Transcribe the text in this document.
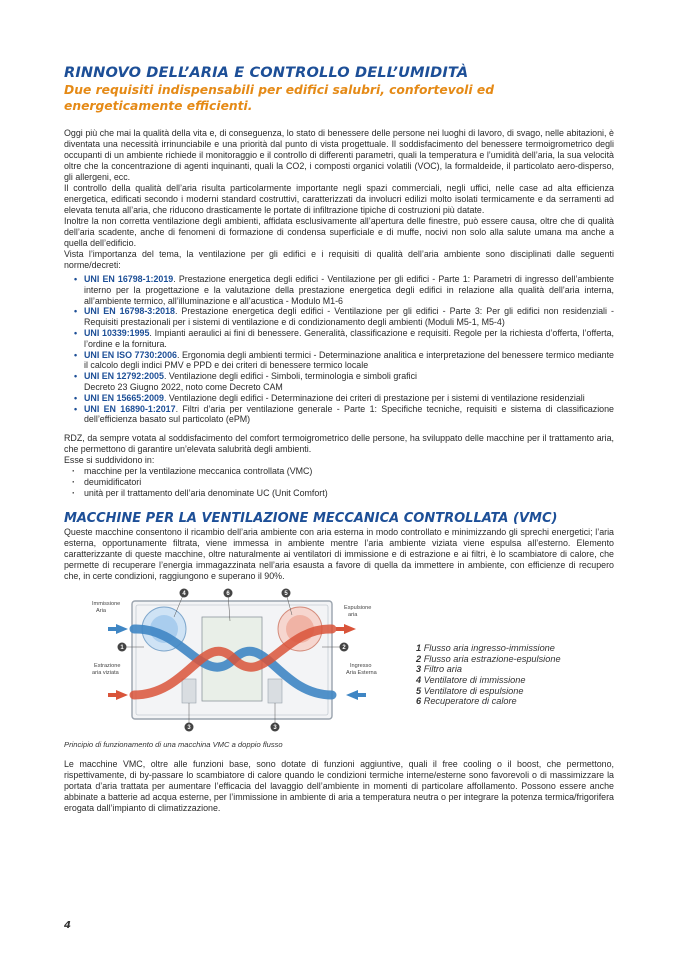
RINNOVO DELL’ARIA E CONTROLLO DELL’UMIDITÀ
Due requisiti indispensabili per edifici salubri, confortevoli ed energeticamente efficienti.

Oggi più che mai la qualità della vita e, di conseguenza, lo stato di benessere delle persone nei luoghi di lavoro, di svago, nelle abitazioni, è diventata una necessità irrinunciabile e una priorità dal punto di vista progettuale. Il soddisfacimento del benessere termoigrometrico degli occupanti di un ambiente richiede il monitoraggio e il controllo di differenti parametri, quali la temperatura e l’umidità dell’aria, la sua velocità oltre che la concentrazione di agenti inquinanti, quali la CO2, i composti organici volatili (VOC), la formaldeide, il particolato aero-disperso, gli allergeni, ecc.

Il controllo della qualità dell’aria risulta particolarmente importante negli spazi commerciali, negli uffici, nelle case ad alta efficienza energetica, edificati secondo i moderni standard costruttivi, caratterizzati da involucri edilizi molto isolati termicamente e da serramenti ad elevata tenuta all’aria, che riducono drasticamente le portate di infiltrazione tipiche di costruzioni più datate.

Inoltre la non corretta ventilazione degli ambienti, affidata esclusivamente all’apertura delle finestre, può essere causa, oltre che di qualità dell’aria scadente, anche di fenomeni di formazione di condensa superficiale e di muffe, nocivi non solo alla salute umana ma anche a quella dell’edificio.

Vista l’importanza del tema, la ventilazione per gli edifici e i requisiti di qualità dell’aria ambiente sono disciplinati dalle seguenti norme/decreti:

• UNI EN 16798-1:2019. Prestazione energetica degli edifici - Ventilazione per gli edifici - Parte 1: Parametri di ingresso dell’ambiente interno per la progettazione e la valutazione della prestazione energetica degli edifici in relazione alla qualità dell’aria interna, all’ambiente termico, all’illuminazione e all’acustica - Modulo M1-6
• UNI EN 16798-3:2018. Prestazione energetica degli edifici - Ventilazione per gli edifici - Parte 3: Per gli edifici non residenziali - Requisiti prestazionali per i sistemi di ventilazione e di condizionamento degli ambienti (Moduli M5-1, M5-4)
• UNI 10339:1995. Impianti aeraulici ai fini di benessere. Generalità, classificazione e requisiti. Regole per la richiesta d’offerta, l’offerta, l’ordine e la fornitura.
• UNI EN ISO 7730:2006. Ergonomia degli ambienti termici - Determinazione analitica e interpretazione del benessere termico mediante il calcolo degli indici PMV e PPD e dei criteri di benessere termico locale
• UNI EN 12792:2005. Ventilazione degli edifici - Simboli, terminologia e simboli grafici
Decreto 23 Giugno 2022, noto come Decreto CAM
• UNI EN 15665:2009. Ventilazione degli edifici - Determinazione dei criteri di prestazione per i sistemi di ventilazione residenziali
• UNI EN 16890-1:2017. Filtri d’aria per ventilazione generale - Parte 1: Specifiche tecniche, requisiti e sistema di classificazione dell’efficienza basato sul particolato (ePM)

RDZ, da sempre votata al soddisfacimento del comfort termoigrometrico delle persone, ha sviluppato delle macchine per il trattamento aria, che permettono di garantire un’elevata salubrità degli ambienti.

Esse si suddividono in:

· macchine per la ventilazione meccanica controllata (VMC)
· deumidificatori
· unità per il trattamento dell’aria denominate UC (Unit Comfort)
MACCHINE PER LA VENTILAZIONE MECCANICA CONTROLLATA (VMC)

Queste macchine consentono il ricambio dell’aria ambiente con aria esterna in modo controllato e minimizzando gli sprechi energetici; l’aria esterna, opportunamente filtrata, viene immessa in ambiente mentre l’aria ambiente viziata viene espulsa all’esterno. Elemento caratterizzante di queste macchine, oltre naturalmente ai ventilatori di immissione e di estrazione e ai filtri, è lo scambiatore di calore, che permette di recuperare l’energia immagazzinata nell’aria esausta a favore di quella da immettere in ambiente, con efficienze di recupero che, in certe condizioni, raggiungono e superano il 90%.

Immissione
Aria
Estrazione
aria viziata
Espulsione
aria
Ingresso
Aria Esterna
4	6	5
1	2
3	3
1 Flusso aria ingresso-immissione
2 Flusso aria estrazione-espulsione
3 Filtro aria
4 Ventilatore di immissione
5 Ventilatore di espulsione
6 Recuperatore di calore
Principio di funzionamento di una macchina VMC a doppio flusso

Le macchine VMC, oltre alle funzioni base, sono dotate di funzioni aggiuntive, quali il free cooling o il boost, che permettono, rispettivamente, di by-passare lo scambiatore di calore quando le condizioni termiche interne/esterne sono favorevoli o di massimizzare la portata d’aria trattata per aumentare l’efficacia del lavaggio dell’ambiente in momenti di particolare affollamento. Possono essere anche abbinate a batterie ad acqua esterne, per l’immissione in ambiente di aria a temperatura neutra o per integrare la potenza termica/frigorifera erogata dall’impianto di climatizzazione.

4
